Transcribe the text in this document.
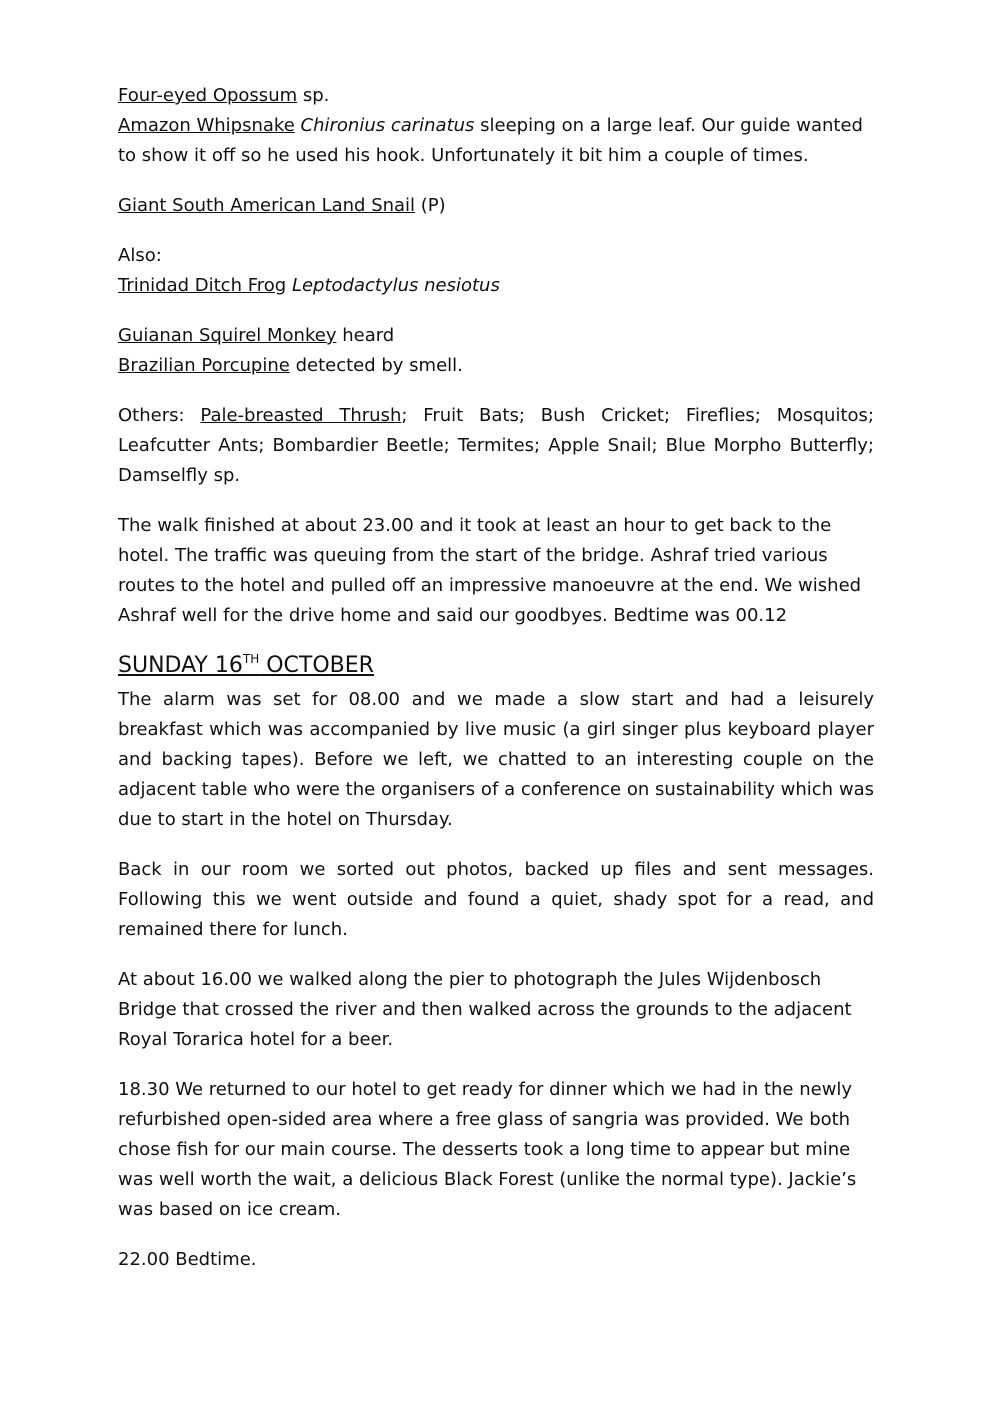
Four-eyed Opossum sp.
Amazon Whipsnake Chironius carinatus sleeping on a large leaf. Our guide wanted to show it off so he used his hook. Unfortunately it bit him a couple of times.

Giant South American Land Snail (P)

Also:
Trinidad Ditch Frog Leptodactylus nesiotus

Guianan Squirel Monkey heard
Brazilian Porcupine detected by smell.

Others: Pale-breasted Thrush; Fruit Bats; Bush Cricket; Fireflies; Mosquitos; Leafcutter Ants; Bombardier Beetle; Termites; Apple Snail; Blue Morpho Butterfly; Damselfly sp.

The walk finished at about 23.00 and it took at least an hour to get back to the hotel. The traffic was queuing from the start of the bridge. Ashraf tried various routes to the hotel and pulled off an impressive manoeuvre at the end. We wished Ashraf well for the drive home and said our goodbyes. Bedtime was 00.12

SUNDAY 16TH OCTOBER

The alarm was set for 08.00 and we made a slow start and had a leisurely breakfast which was accompanied by live music (a girl singer plus keyboard player and backing tapes). Before we left, we chatted to an interesting couple on the adjacent table who were the organisers of a conference on sustainability which was due to start in the hotel on Thursday.

Back in our room we sorted out photos, backed up files and sent messages. Following this we went outside and found a quiet, shady spot for a read, and remained there for lunch.

At about 16.00 we walked along the pier to photograph the Jules Wijdenbosch Bridge that crossed the river and then walked across the grounds to the adjacent Royal Torarica hotel for a beer.

18.30 We returned to our hotel to get ready for dinner which we had in the newly refurbished open-sided area where a free glass of sangria was provided. We both chose fish for our main course. The desserts took a long time to appear but mine was well worth the wait, a delicious Black Forest (unlike the normal type). Jackie’s was based on ice cream.

22.00 Bedtime.
